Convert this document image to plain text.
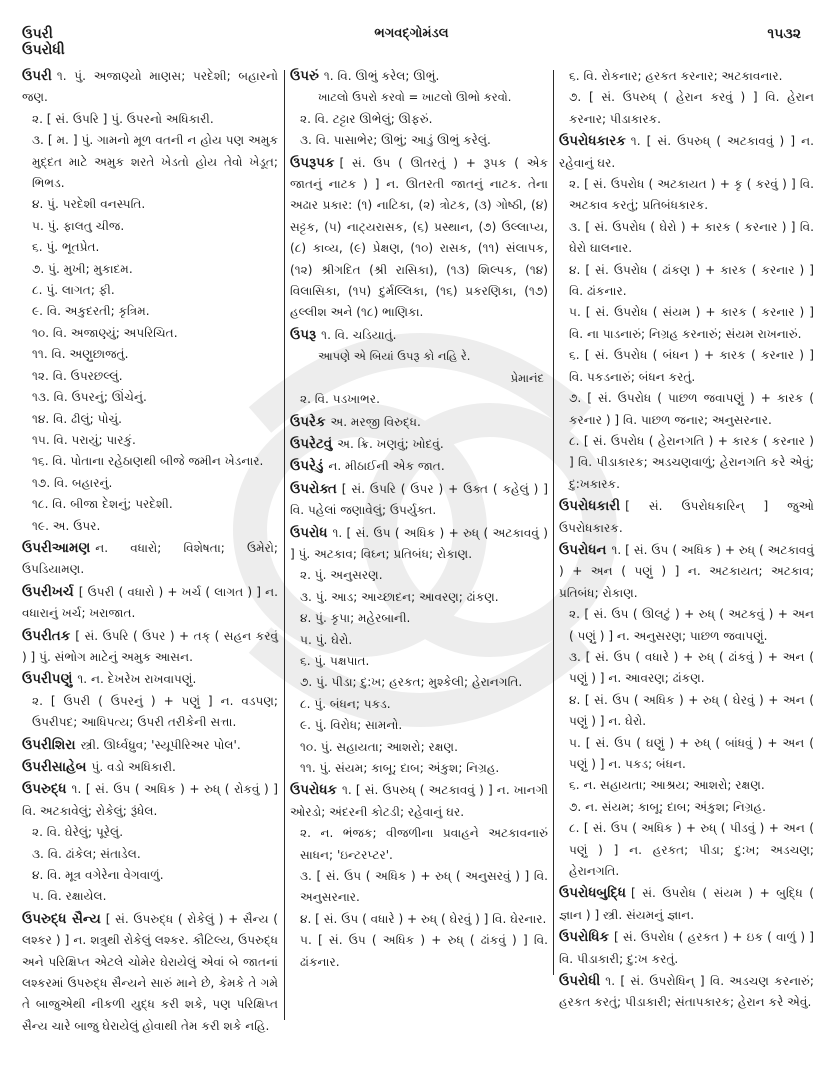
ઉપરી
ઉપરોધી
ભગવદ્‌ગોમંડલ	૧૫૩૨
ઉપરી ૧. પું. અજાણ્યો માણસ; પરદેશી; બહારનો જણ.
૨. [ સં. ઉપરિ ] પું. ઉપરનો અધિકારી.
૩. [ મ. ] પું. ગામનો મૂળ વતની ન હોય પણ અમુક મુદ્દત માટે અમુક શરતે ખેડતો હોય તેવો ખેડૂત; ભિભડ.
૪. પું. પરદેશી વનસ્પતિ.
૫. પું. ફાલતુ ચીજ.
૬. પું. ભૂતપ્રેત.
૭. પું. મુખી; મુકાદમ.
૮. પું. લાગત; ફી.
૯. વિ. અકુદરતી; કૃત્રિમ.
૧૦. વિ. અજાણ્યું; અપરિચિત.
૧૧. વિ. અણુછાજતું.
૧૨. વિ. ઉપરછલ્લું.
૧૩. વિ. ઉપરનું; ઊંચેનું.
૧૪. વિ. ઢીલું; પોચું.
૧૫. વિ. પરાયું; પારકું.
૧૬. વિ. પોતાના રહેઠાણથી બીજે જમીન ખેડનાર.
૧૭. વિ. બહારનું.
૧૮. વિ. બીજા દેશનું; પરદેશી.
૧૯. અ. ઉપર.
ઉપરીઆમણ ન. વધારો; વિશેષતા; ઉમેરો; ઉપડિયામણ.
ઉપરીખર્ચ [ ઉપરી ( વધારો ) + ખર્ચ ( લાગત ) ] ન. વધારાનું ખર્ચ; ખરાજાત.
ઉપરીતક [ સં. ઉપરિ ( ઉપર ) + તક્ ( સહન કરવું ) ] પું. સંભોગ માટેનું અમુક આસન.
ઉપરીપણું ૧. ન. દેખરેખ રાખવાપણું.
૨. [ ઉપરી ( ઉપરનું ) + પણું ] ન. વડપણ; ઉપરીપદ; આધિપત્ય; ઉપરી તરીકેની સત્તા.
ઉપરીશિરા સ્ત્રી. ઊર્ધ્વધ્રુવ; 'સ્યૂપીરિઅર પોલ'.
ઉપરીસાહેબ પું. વડો અધિકારી.
ઉપરુદ્ધ ૧. [ સં. ઉપ ( અધિક ) + રુધ્ ( રોકવું ) ] વિ. અટકાવેલું; રોકેલું; રૂંધેલ.
૨. વિ. ઘેરેલું; પૂરેલું.
૩. વિ. ઢાંકેલ; સંતાડેલ.
૪. વિ. મૂત્ર વગેરેના વેગવાળું.
૫. વિ. રક્ષાયેલ.
ઉપરુદ્ધ સૈન્ય [ સં. ઉપરુદ્ધ ( રોકેલું ) + સૈન્ય ( લશ્કર ) ] ન. શત્રુથી રોકેલું લશ્કર. કૌટિલ્ય, ઉપરુદ્ધ અને પરિક્ષિપ્ત એટલે ચોમેર ઘેરાયેલું એવાં બે જાતનાં લશ્કરમાં ઉપરુદ્ધ સૈન્યને સારું માને છે, કેમકે તે ગમે તે બાજુએથી નીકળી યુદ્ધ કરી શકે, પણ પરિક્ષિપ્ત સૈન્ય ચારે બાજુ ઘેરાયેલું હોવાથી તેમ કરી શકે નહિ.
ઉપરું ૧. વિ. ઊભું કરેલ; ઊભું.
ખાટલો ઉપરો કરવો = ખાટલો ઊભો કરવો.
૨. વિ. ટટ્ટાર ઊભેલું; ઊફરું.
૩. વિ. પાસાભેર; ઊભું; આડું ઊભું કરેલું.
ઉપરૂપક [ સં. ઉપ ( ઊતરતું ) + રૂપક ( એક જાતનું નાટક ) ] ન. ઊતરતી જાતનું નાટક. તેના અઢાર પ્રકાર: (૧) નાટિકા, (૨) ત્રોટક, (૩) ગોષ્ઠી, (૪) સટ્ટક, (૫) નાટ્યરાસક, (૬) પ્રસ્થાન, (૭) ઉલ્લાપ્ય, (૮) કાવ્ય, (૯) પ્રેક્ષણ, (૧૦) રાસક, (૧૧) સંલાપક, (૧૨) શ્રીગદિત (શ્રી રાસિકા), (૧૩) શિલ્પક, (૧૪) વિલાસિકા, (૧૫) દુર્મલ્લિકા, (૧૬) પ્રકરણિકા, (૧૭) હલ્લીશ અને (૧૮) ભાણિકા.
ઉપરૂ ૧. વિ. ચડિયાતું.
આપણે એ બિયાં ઉપરૂ કો નહિ રે.
પ્રેમાનંદ
૨. વિ. પડખાભર.
ઉપરેક અ. મરજી વિરુદ્ધ.
ઉપરેટવું અ. ક્રિ. ખણવું; ખોદવું.
ઉપરેડું ન. મીઠાઈની એક જાત.
ઉપરોક્ત [ સં. ઉપરિ ( ઉપર ) + ઉક્ત ( કહેલું ) ] વિ. પહેલાં જણાવેલું; ઉપર્યુક્ત.
ઉપરોધ ૧. [ સં. ઉપ ( અધિક ) + રુધ્ ( અટકાવવું ) ] પું. અટકાવ; વિઘ્ન; પ્રતિબંધ; રોકાણ.
૨. પું. અનુસરણ.
૩. પું. આડ; આચ્છાદન; આવરણ; ઢાંકણ.
૪. પું. કૃપા; મહેરબાની.
૫. પું. ઘેરો.
૬. પું. પક્ષપાત.
૭. પું. પીડા; દુ:ખ; હરકત; મુશ્કેલી; હેરાનગતિ.
૮. પું. બંધન; પકડ.
૯. પું. વિરોધ; સામનો.
૧૦. પું. સહાયતા; આશરો; રક્ષણ.
૧૧. પું. સંયમ; કાબૂ; દાબ; અંકુશ; નિગ્રહ.
ઉપરોધક ૧. [ સં. ઉપરુધ્ ( અટકાવવું ) ] ન. ખાનગી ઓરડો; અંદરની કોટડી; રહેવાનું ઘર.
૨. ન. ભંજક; વીજળીના પ્રવાહને અટકાવનારું સાધન; 'ઇન્ટરપ્ટર'.
૩. [ સં. ઉપ ( અધિક ) + રુધ્ ( અનુસરવું ) ] વિ. અનુસરનાર.
૪. [ સં. ઉપ ( વધારે ) + રુધ્ ( ઘેરવું ) ] વિ. ઘેરનાર.
૫. [ સં. ઉપ ( અધિક ) + રુધ્ ( ઢાંકવું ) ] વિ. ઢાંકનાર.
૬. વિ. રોકનાર; હરકત કરનાર; અટકાવનાર.
૭. [ સં. ઉપરુધ્ ( હેરાન કરવું ) ] વિ. હેરાન કરનાર; પીડાકારક.
ઉપરોધકારક ૧. [ સં. ઉપરુધ્ ( અટકાવવું ) ] ન. રહેવાનું ઘર.
૨. [ સં. ઉપરોધ ( અટકાયત ) + કૃ ( કરવું ) ] વિ. અટકાવ કરતું; પ્રતિબંધકારક.
૩. [ સં. ઉપરોધ ( ઘેરો ) + કારક ( કરનાર ) ] વિ. ઘેરો ઘાલનાર.
૪. [ સં. ઉપરોધ ( ઢાંકણ ) + કારક ( કરનાર ) ] વિ. ઢાંકનાર.
૫. [ સં. ઉપરોધ ( સંયમ ) + કારક ( કરનાર ) ] વિ. ના પાડનારું; નિગ્રહ કરનારું; સંયમ રાખનારું.
૬. [ સં. ઉપરોધ ( બંધન ) + કારક ( કરનાર ) ] વિ. પકડનારું; બંધન કરતું.
૭. [ સં. ઉપરોધ ( પાછળ જવાપણું ) + કારક ( કરનાર ) ] વિ. પાછળ જનાર; અનુસરનાર.
૮. [ સં. ઉપરોધ ( હેરાનગતિ ) + કારક ( કરનાર ) ] વિ. પીડાકારક; અડચણવાળું; હેરાનગતિ કરે એવું; દુ:ખકારક.
ઉપરોધકારી [ સં. ઉપરોધકારિન્ ] જુઓ ઉપરોધકારક.
ઉપરોધન ૧. [ સં. ઉપ ( અધિક ) + રુધ્ ( અટકાવવું ) + અન ( પણું ) ] ન. અટકાયત; અટકાવ; પ્રતિબંધ; રોકાણ.
૨. [ સં. ઉપ ( ઊલટું ) + રુધ્ ( અટકવું ) + અન ( પણું ) ] ન. અનુસરણ; પાછળ જવાપણું.
૩. [ સં. ઉપ ( વધારે ) + રુધ્ ( ઢાંકવું ) + અન ( પણું ) ] ન. આવરણ; ઢાંકણ.
૪. [ સં. ઉપ ( અધિક ) + રુધ્ ( ઘેરવું ) + અન ( પણું ) ] ન. ઘેરો.
૫. [ સં. ઉપ ( ઘણું ) + રુધ્ ( બાંધવું ) + અન ( પણું ) ] ન. પકડ; બંધન.
૬. ન. સહાયતા; આશ્રય; આશરો; રક્ષણ.
૭. ન. સંયમ; કાબૂ; દાબ; અંકુશ; નિગ્રહ.
૮. [ સં. ઉપ ( અધિક ) + રુધ્ ( પીડવું ) + અન ( પણું ) ] ન. હરકત; પીડા; દુ:ખ; અડચણ; હેરાનગતિ.
ઉપરોધબુદ્ધિ [ સં. ઉપરોધ ( સંયમ ) + બુદ્ધિ ( જ્ઞાન ) ] સ્ત્રી. સંયમનું જ્ઞાન.
ઉપરોધિક [ સં. ઉપરોધ ( હરકત ) + ઇક ( વાળું ) ] વિ. પીડાકારી; દુ:ખ કરતું.
ઉપરોધી ૧. [ સં. ઉપરોધિન્ ] વિ. અડચણ કરનારું; હરકત કરતું; પીડાકારી; સંતાપકારક; હેરાન કરે એવું.
